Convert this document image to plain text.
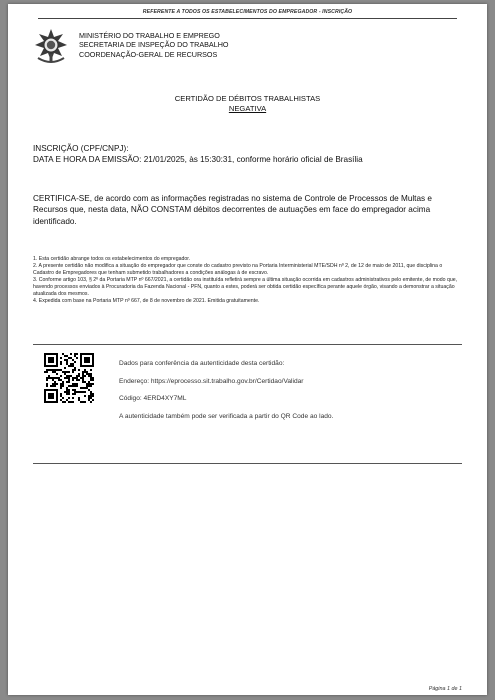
REFERENTE A TODOS OS ESTABELECIMENTOS DO EMPREGADOR - INSCRIÇÃO
MINISTÉRIO DO TRABALHO E EMPREGO
SECRETARIA DE INSPEÇÃO DO TRABALHO
COORDENAÇÃO-GERAL DE RECURSOS
CERTIDÃO DE DÉBITOS TRABALHISTAS
NEGATIVA
INSCRIÇÃO (CPF/CNPJ):
DATA E HORA DA EMISSÃO: 21/01/2025, às 15:30:31, conforme horário oficial de Brasília
CERTIFICA-SE, de acordo com as informações registradas no sistema de Controle de Processos de Multas e Recursos que, nesta data, NÃO CONSTAM débitos decorrentes de autuações em face do empregador acima identificado.
1. Esta certidão abrange todos os estabelecimentos do empregador.
2. A presente certidão não modifica a situação do empregador que conste do cadastro previsto na Portaria Interministerial MTE/SDH nº 2, de 12 de maio de 2011, que disciplina o Cadastro de Empregadores que tenham submetido trabalhadores a condições análogas à de escravo.
3. Conforme artigo 103, § 2º da Portaria MTP nº 667/2021, a certidão ora instituída refletirá sempre a última situação ocorrida em cadastros administrativos pelo emitente, de modo que, havendo processos enviados à Procuradoria da Fazenda Nacional - PFN, quanto a estes, poderá ser obtida certidão específica perante aquele órgão, visando a demonstrar a situação atualizada dos mesmos.
4. Expedida com base na Portaria MTP nº 667, de 8 de novembro de 2021. Emitida gratuitamente.
Dados para conferência da autenticidade desta certidão:
Endereço: https://eprocesso.sit.trabalho.gov.br/Certidao/Validar
Código: 4ERD4XY7ML
A autenticidade também pode ser verificada a partir do QR Code ao lado.
Página 1 de 1
